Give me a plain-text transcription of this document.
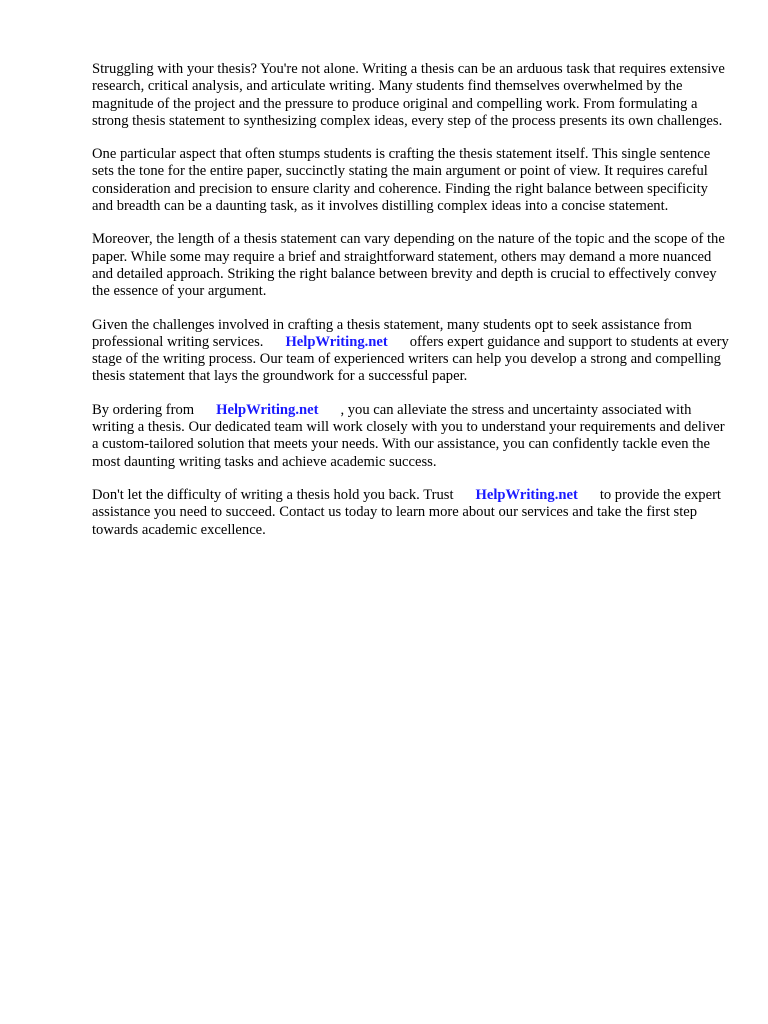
Struggling with your thesis? You're not alone. Writing a thesis can be an arduous task that requires extensive research, critical analysis, and articulate writing. Many students find themselves overwhelmed by the magnitude of the project and the pressure to produce original and compelling work. From formulating a strong thesis statement to synthesizing complex ideas, every step of the process presents its own challenges.

One particular aspect that often stumps students is crafting the thesis statement itself. This single sentence sets the tone for the entire paper, succinctly stating the main argument or point of view. It requires careful consideration and precision to ensure clarity and coherence. Finding the right balance between specificity and breadth can be a daunting task, as it involves distilling complex ideas into a concise statement.

Moreover, the length of a thesis statement can vary depending on the nature of the topic and the scope of the paper. While some may require a brief and straightforward statement, others may demand a more nuanced and detailed approach. Striking the right balance between brevity and depth is crucial to effectively convey the essence of your argument.

Given the challenges involved in crafting a thesis statement, many students opt to seek assistance from professional writing services. HelpWriting.net offers expert guidance and support to students at every stage of the writing process. Our team of experienced writers can help you develop a strong and compelling thesis statement that lays the groundwork for a successful paper.

By ordering from HelpWriting.net , you can alleviate the stress and uncertainty associated with writing a thesis. Our dedicated team will work closely with you to understand your requirements and deliver a custom-tailored solution that meets your needs. With our assistance, you can confidently tackle even the most daunting writing tasks and achieve academic success.

Don't let the difficulty of writing a thesis hold you back. Trust HelpWriting.net to provide the expert assistance you need to succeed. Contact us today to learn more about our services and take the first step towards academic excellence.
